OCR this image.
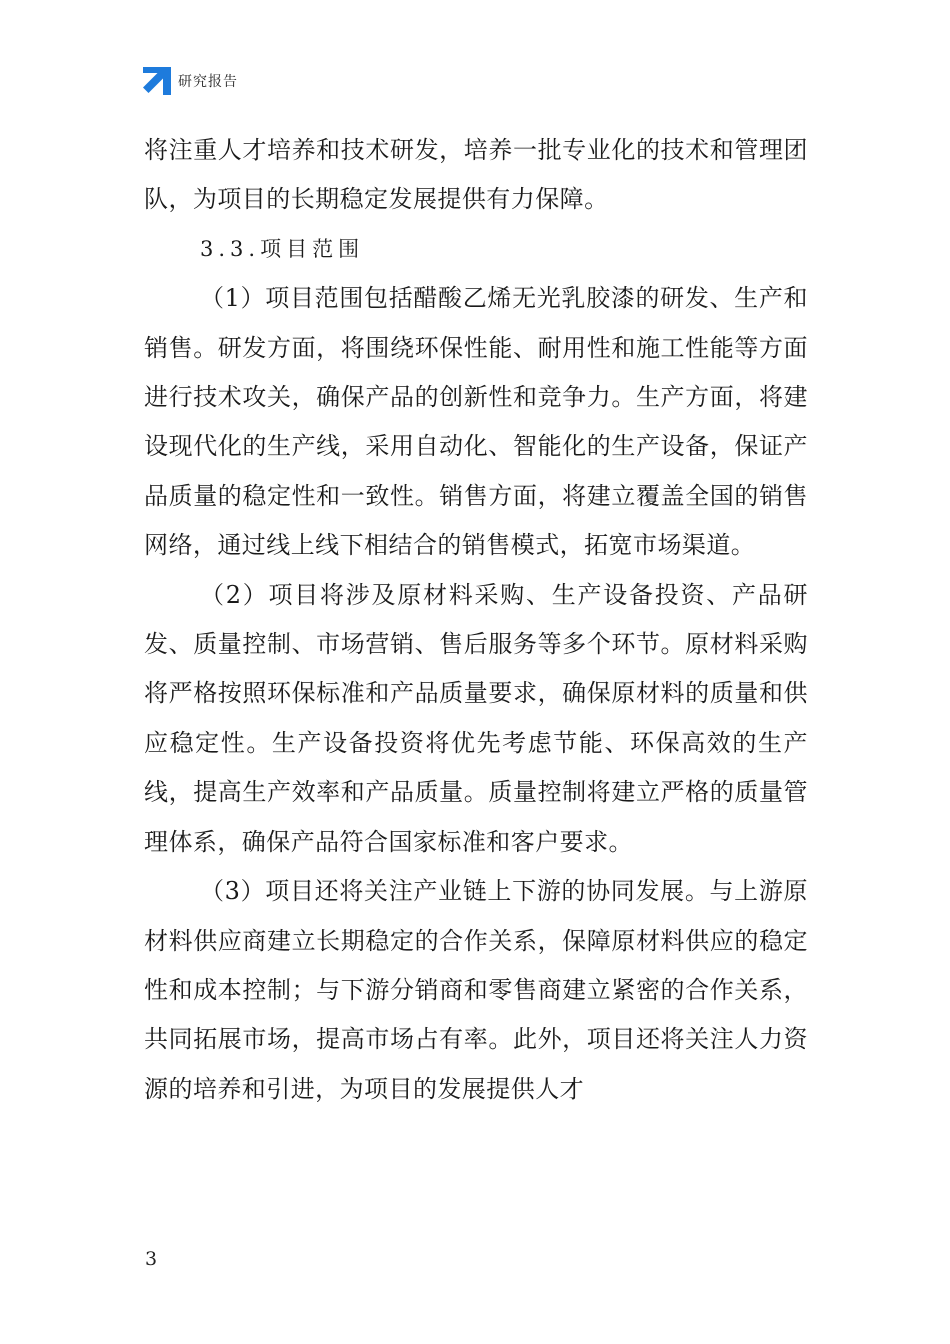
研究报告

将注重人才培养和技术研发，培养一批专业化的技术和管理团队，为项目的长期稳定发展提供有力保障。

3.3.项目范围

（1）项目范围包括醋酸乙烯无光乳胶漆的研发、生产和销售。研发方面，将围绕环保性能、耐用性和施工性能等方面进行技术攻关，确保产品的创新性和竞争力。生产方面，将建设现代化的生产线，采用自动化、智能化的生产设备，保证产品质量的稳定性和一致性。销售方面，将建立覆盖全国的销售网络，通过线上线下相结合的销售模式，拓宽市场渠道。

（2）项目将涉及原材料采购、生产设备投资、产品研发、质量控制、市场营销、售后服务等多个环节。原材料采购将严格按照环保标准和产品质量要求，确保原材料的质量和供应稳定性。生产设备投资将优先考虑节能、环保高效的生产线，提高生产效率和产品质量。质量控制将建立严格的质量管理体系，确保产品符合国家标准和客户要求。

（3）项目还将关注产业链上下游的协同发展。与上游原材料供应商建立长期稳定的合作关系，保障原材料供应的稳定性和成本控制；与下游分销商和零售商建立紧密的合作关系，共同拓展市场，提高市场占有率。此外，项目还将关注人力资源的培养和引进，为项目的发展提供人才

3
